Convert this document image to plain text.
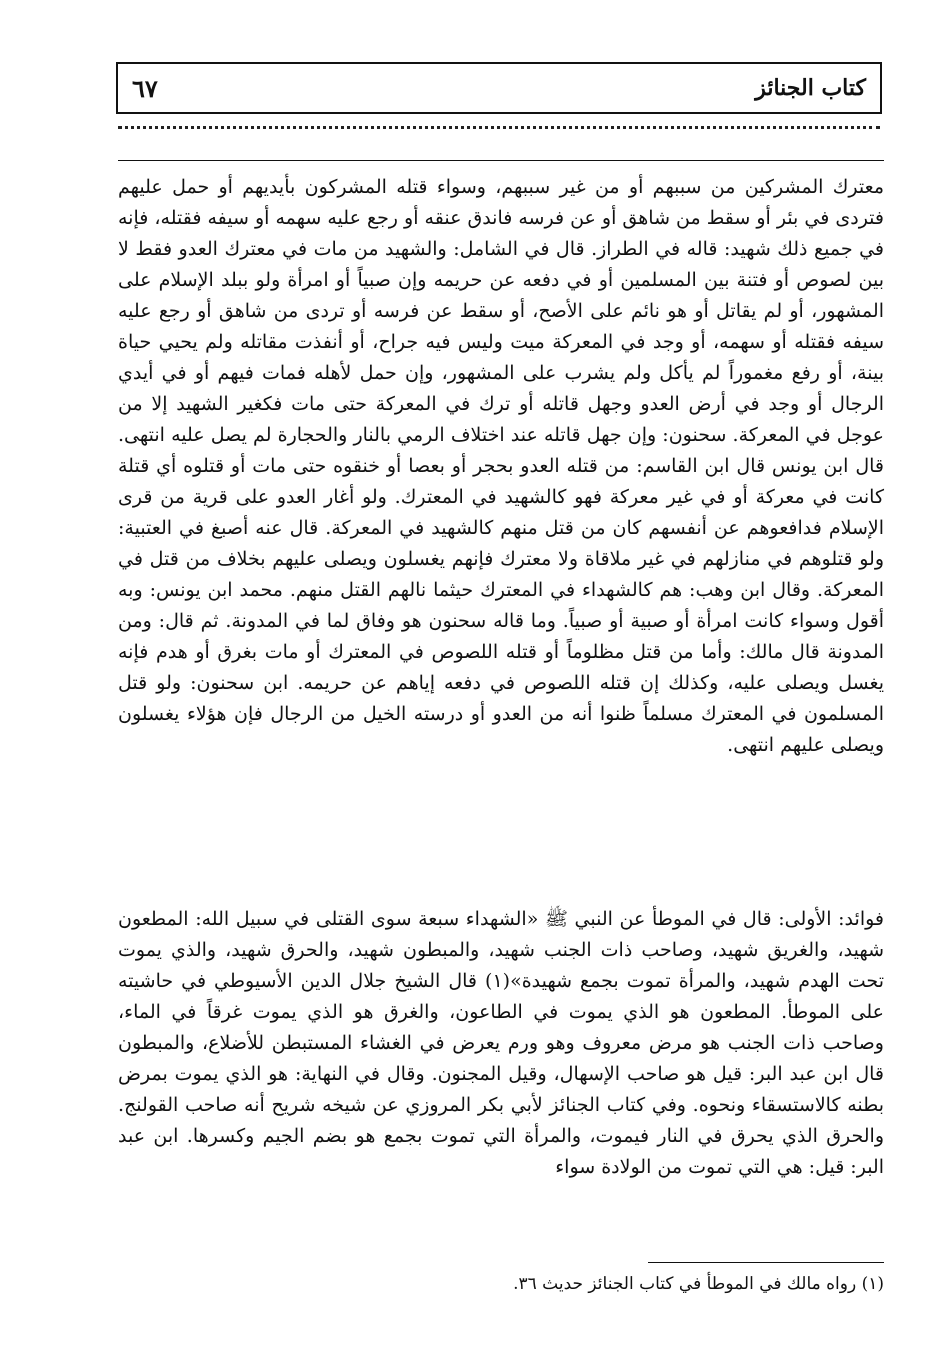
كتاب الجنائز
٦٧

معترك المشركين من سببهم أو من غير سببهم، وسواء قتله المشركون بأيديهم أو حمل عليهم فتردى في بئر أو سقط من شاهق أو عن فرسه فاندق عنقه أو رجع عليه سهمه أو سيفه فقتله، فإنه في جميع ذلك شهيد: قاله في الطراز. قال في الشامل: والشهيد من مات في معترك العدو فقط لا بين لصوص أو فتنة بين المسلمين أو في دفعه عن حريمه وإن صبياً أو امرأة ولو ببلد الإسلام على المشهور، أو لم يقاتل أو هو نائم على الأصح، أو سقط عن فرسه أو تردى من شاهق أو رجع عليه سيفه فقتله أو سهمه، أو وجد في المعركة ميت وليس فيه جراح، أو أنفذت مقاتله ولم يحيي حياة بينة، أو رفع مغموراً لم يأكل ولم يشرب على المشهور، وإن حمل لأهله فمات فيهم أو في أيدي الرجال أو وجد في أرض العدو وجهل قاتله أو ترك في المعركة حتى مات فكغير الشهيد إلا من عوجل في المعركة. سحنون: وإن جهل قاتله عند اختلاف الرمي بالنار والحجارة لم يصل عليه انتهى. قال ابن يونس قال ابن القاسم: من قتله العدو بحجر أو بعصا أو خنقوه حتى مات أو قتلوه أي قتلة كانت في معركة أو في غير معركة فهو كالشهيد في المعترك. ولو أغار العدو على قرية من قرى الإسلام فدافعوهم عن أنفسهم كان من قتل منهم كالشهيد في المعركة. قال عنه أصبغ في العتبية: ولو قتلوهم في منازلهم في غير ملاقاة ولا معترك فإنهم يغسلون ويصلى عليهم بخلاف من قتل في المعركة. وقال ابن وهب: هم كالشهداء في المعترك حيثما نالهم القتل منهم. محمد ابن يونس: وبه أقول وسواء كانت امرأة أو صبية أو صبياً. وما قاله سحنون هو وفاق لما في المدونة. ثم قال: ومن المدونة قال مالك: وأما من قتل مظلوماً أو قتله اللصوص في المعترك أو مات بغرق أو هدم فإنه يغسل ويصلى عليه، وكذلك إن قتله اللصوص في دفعه إياهم عن حريمه. ابن سحنون: ولو قتل المسلمون في المعترك مسلماً ظنوا أنه من العدو أو درسته الخيل من الرجال فإن هؤلاء يغسلون ويصلى عليهم انتهى.

فوائد: الأولى: قال في الموطأ عن النبي ﷺ «الشهداء سبعة سوى القتلى في سبيل الله: المطعون شهيد، والغريق شهيد، وصاحب ذات الجنب شهيد، والمبطون شهيد، والحرق شهيد، والذي يموت تحت الهدم شهيد، والمرأة تموت بجمع شهيدة»(١) قال الشيخ جلال الدين الأسيوطي في حاشيته على الموطأ. المطعون هو الذي يموت في الطاعون، والغرق هو الذي يموت غرقاً في الماء، وصاحب ذات الجنب هو مرض معروف وهو ورم يعرض في الغشاء المستبطن للأضلاع، والمبطون قال ابن عبد البر: قيل هو صاحب الإسهال، وقيل المجنون. وقال في النهاية: هو الذي يموت بمرض بطنه كالاستسقاء ونحوه. وفي كتاب الجنائز لأبي بكر المروزي عن شيخه شريح أنه صاحب القولنج. والحرق الذي يحرق في النار فيموت، والمرأة التي تموت بجمع هو بضم الجيم وكسرها. ابن عبد البر: قيل: هي التي تموت من الولادة سواء

(١) رواه مالك في الموطأ في كتاب الجنائز حديث ٣٦.
